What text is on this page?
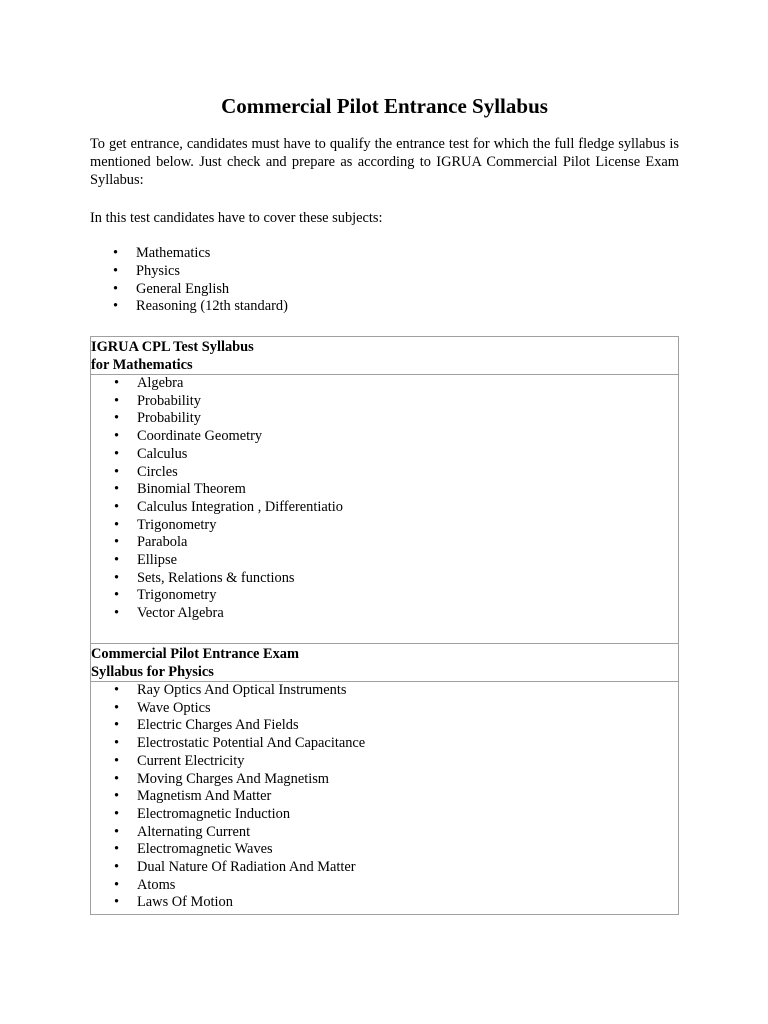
Commercial Pilot Entrance Syllabus

To get entrance, candidates must have to qualify the entrance test for which the full fledge syllabus is mentioned below. Just check and prepare as according to IGRUA Commercial Pilot License Exam Syllabus:

In this test candidates have to cover these subjects:

• Mathematics
• Physics
• General English
• Reasoning (12th standard)
IGRUA CPL Test Syllabus
for Mathematics

• Algebra
• Probability
• Probability
• Coordinate Geometry
• Calculus
• Circles
• Binomial Theorem
• Calculus Integration , Differentiatio
• Trigonometry
• Parabola
• Ellipse
• Sets, Relations & functions
• Trigonometry
• Vector Algebra

Commercial Pilot Entrance Exam
Syllabus for Physics

• Ray Optics And Optical Instruments
• Wave Optics
• Electric Charges And Fields
• Electrostatic Potential And Capacitance
• Current Electricity
• Moving Charges And Magnetism
• Magnetism And Matter
• Electromagnetic Induction
• Alternating Current
• Electromagnetic Waves
• Dual Nature Of Radiation And Matter
• Atoms
• Laws Of Motion
